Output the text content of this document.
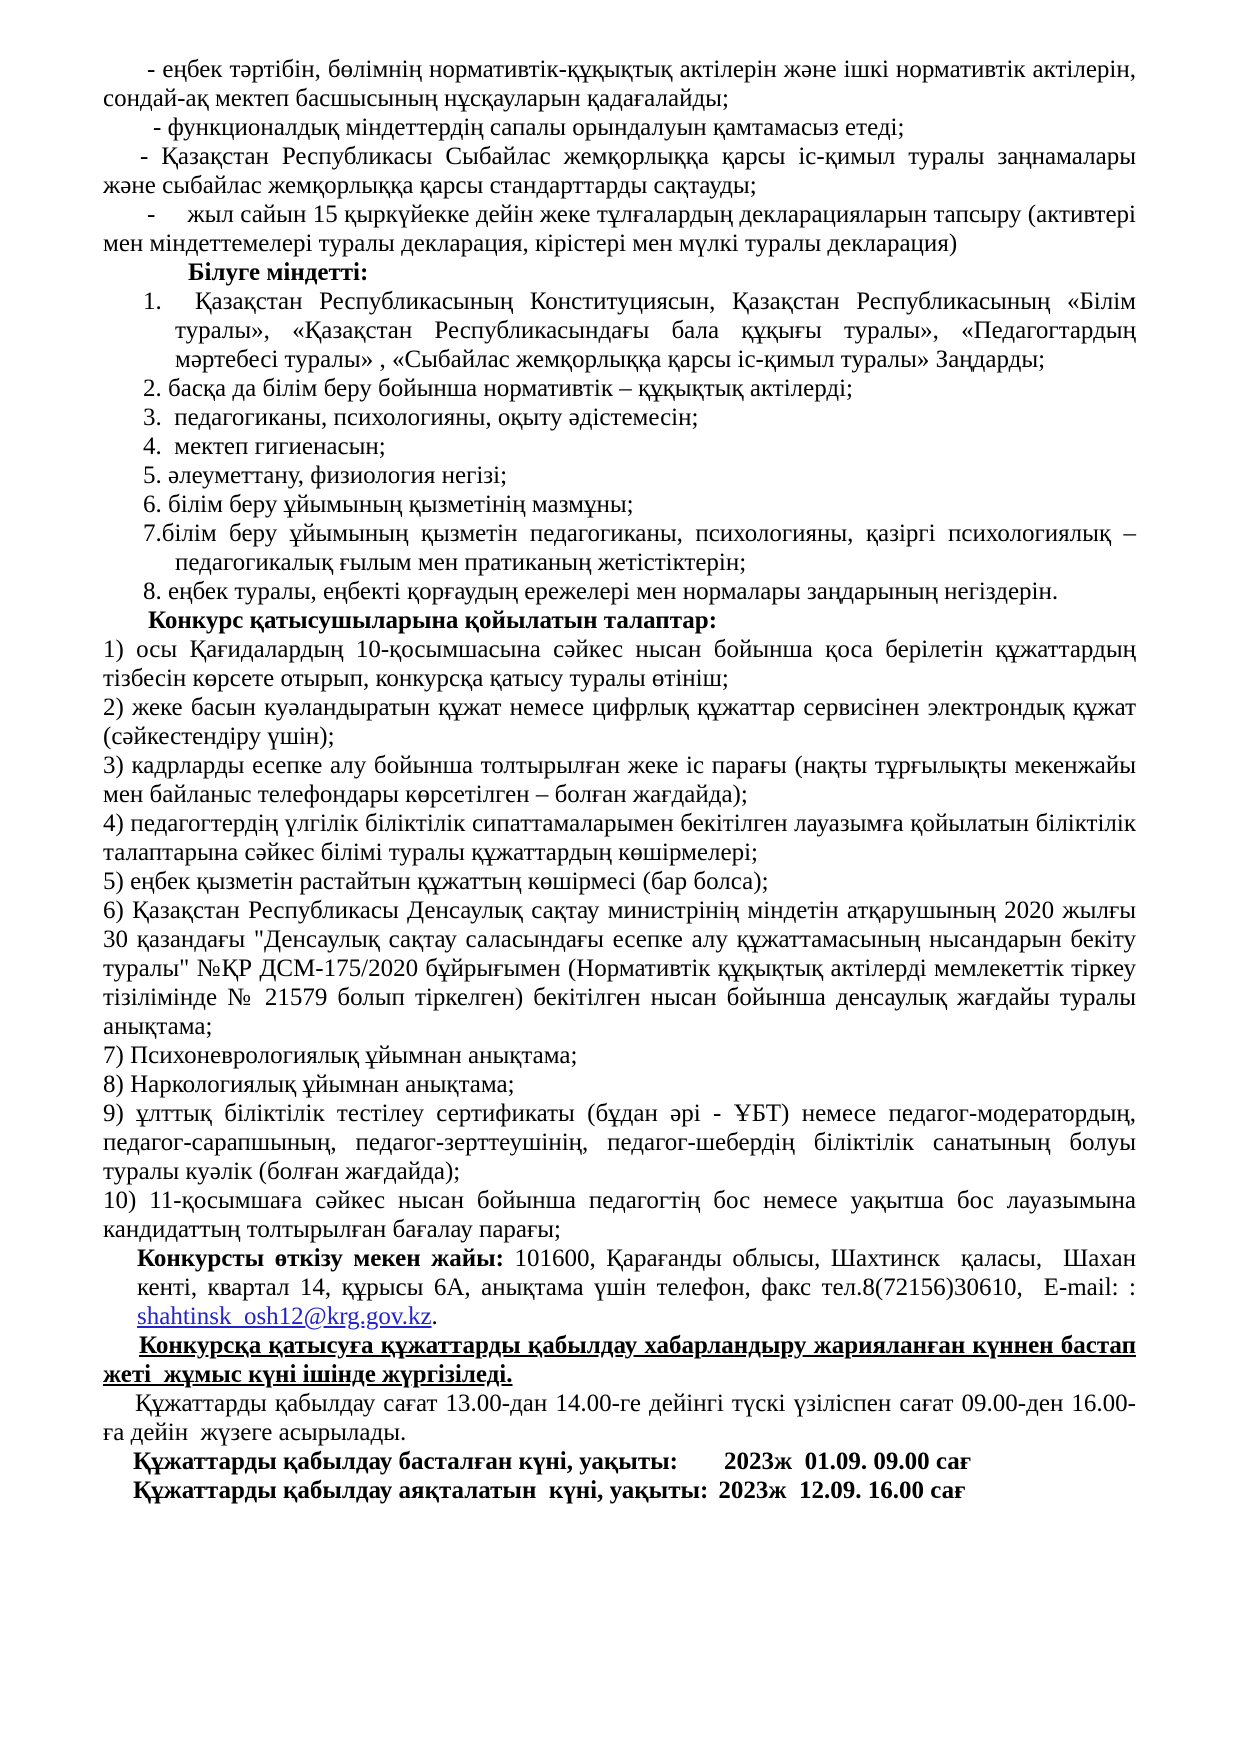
- еңбек тәртібін, бөлімнің нормативтік-құқықтық актілерін және ішкі нормативтік актілерін, сондай-ақ мектеп басшысының нұсқауларын қадағалайды;

- функционалдық міндеттердің сапалы орындалуын қамтамасыз етеді;

- Қазақстан Республикасы Сыбайлас жемқорлыққа қарсы іс-қимыл туралы заңнамалары және сыбайлас жемқорлыққа қарсы стандарттарды сақтауды;

-     жыл сайын 15 қыркүйекке дейін жеке тұлғалардың декларацияларын тапсыру (активтері мен міндеттемелері туралы декларация, кірістері мен мүлкі туралы декларация)

Білуге міндетті:

1.  Қазақстан Республикасының Конституциясын, Қазақстан Республикасының «Білім туралы», «Қазақстан Республикасындағы бала құқығы туралы», «Педагогтардың мәртебесі туралы» , «Сыбайлас жемқорлыққа қарсы іс-қимыл туралы» Заңдарды;

2. басқа да білім беру бойынша нормативтік – құқықтық актілерді;

3.  педагогиканы, психологияны, оқыту әдістемесін;

4.  мектеп гигиенасын;

5. әлеуметтану, физиология негізі;

6. білім беру ұйымының қызметінің мазмұны;

7.білім беру ұйымының қызметін педагогиканы, психологияны, қазіргі психологиялық – педагогикалық ғылым мен пратиканың жетістіктерін;

8. еңбек туралы, еңбекті қорғаудың ережелері мен нормалары заңдарының негіздерін.

Конкурс қатысушыларына қойылатын талаптар:

1) осы Қағидалардың 10-қосымшасына сәйкес нысан бойынша қоса берілетін құжаттардың тізбесін көрсете отырып, конкурсқа қатысу туралы өтініш;

2) жеке басын куәландыратын құжат немесе цифрлық құжаттар сервисінен электрондық құжат (сәйкестендіру үшін);

3) кадрларды есепке алу бойынша толтырылған жеке іс парағы (нақты тұрғылықты мекенжайы мен байланыс телефондары көрсетілген – болған жағдайда);

4) педагогтердің үлгілік біліктілік сипаттамаларымен бекітілген лауазымға қойылатын біліктілік талаптарына сәйкес білімі туралы құжаттардың көшірмелері;

5) еңбек қызметін растайтын құжаттың көшірмесі (бар болса);

6) Қазақстан Республикасы Денсаулық сақтау министрінің міндетін атқарушының 2020 жылғы 30 қазандағы "Денсаулық сақтау саласындағы есепке алу құжаттамасының нысандарын бекіту туралы" №ҚР ДСМ-175/2020 бұйрығымен (Нормативтік құқықтық актілерді мемлекеттік тіркеу тізілімінде № 21579 болып тіркелген) бекітілген нысан бойынша денсаулық жағдайы туралы анықтама;

7) Психоневрологиялық ұйымнан анықтама;

8) Наркологиялық ұйымнан анықтама;

9) ұлттық біліктілік тестілеу сертификаты (бұдан әрі - ҰБТ) немесе педагог-модератордың, педагог-сарапшының, педагог-зерттеушінің, педагог-шебердің біліктілік санатының болуы туралы куәлік (болған жағдайда);

10) 11-қосымшаға сәйкес нысан бойынша педагогтің бос немесе уақытша бос лауазымына кандидаттың толтырылған бағалау парағы;

Конкурсты өткізу мекен жайы: 101600, Қарағанды облысы, Шахтинск  қаласы,  Шахан кенті, квартал 14, құрысы 6А, анықтама үшін телефон, факс тел.8(72156)30610,  E-mail: : shahtinsk_osh12@krg.gov.kz.

Конкурсқа қатысуға құжаттарды қабылдау хабарландыру жарияланған күннен бастап жеті  жұмыс күні ішінде жүргізіледі.

Құжаттарды қабылдау сағат 13.00-дан 14.00-ге дейінгі түскі үзіліспен сағат 09.00-ден 16.00-ға дейін  жүзеге асырылады.

Құжаттарды қабылдау басталған күні, уақыты: 2023ж  01.09. 09.00 сағ

Құжаттарды қабылдау аяқталатын  күні, уақыты: 2023ж  12.09. 16.00 сағ
